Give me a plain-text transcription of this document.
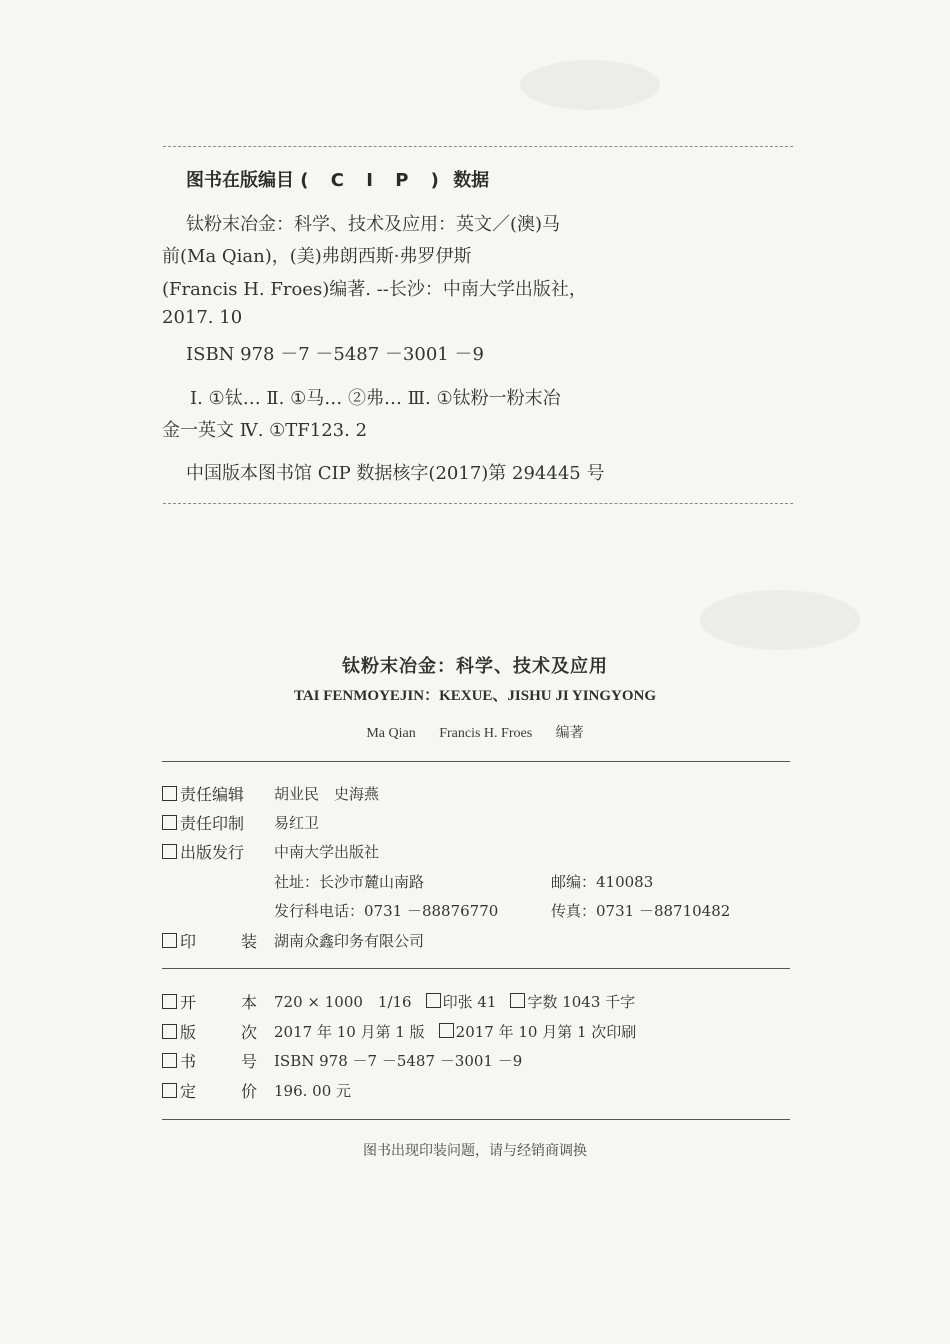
图书在版编目 ( C I P ) 数据
钛粉末冶金：科学、技术及应用：英文／(澳)马
前(Ma Qian)，(美)弗朗西斯·弗罗伊斯
(Francis H. Froes)编著. --长沙：中南大学出版社，
2017. 10
ISBN 978 －7 －5487 －3001 －9
Ⅰ. ①钛… Ⅱ. ①马… ②弗… Ⅲ. ①钛粉一粉末冶
金一英文 Ⅳ. ①TF123. 2
中国版本图书馆 CIP 数据核字(2017)第 294445 号
钛粉末冶金：科学、技术及应用
TAI FENMOYEJIN：KEXUE、JISHU JI YINGYONG
Ma Qian Francis H. Froes 编著
责任编辑 胡业民　史海燕
责任印制 易红卫
出版发行 中南大学出版社
社址：长沙市麓山南路	邮编：410083
发行科电话：0731 －88876770	传真：0731 －88710482
印	装 湖南众鑫印务有限公司
开	本 720 × 1000　1/16 印张 41 字数 1043 千字
版	次 2017 年 10 月第 1 版 2017 年 10 月第 1 次印刷
书	号 ISBN 978 －7 －5487 －3001 －9
定	价 196. 00 元
图书出现印装问题，请与经销商调换
